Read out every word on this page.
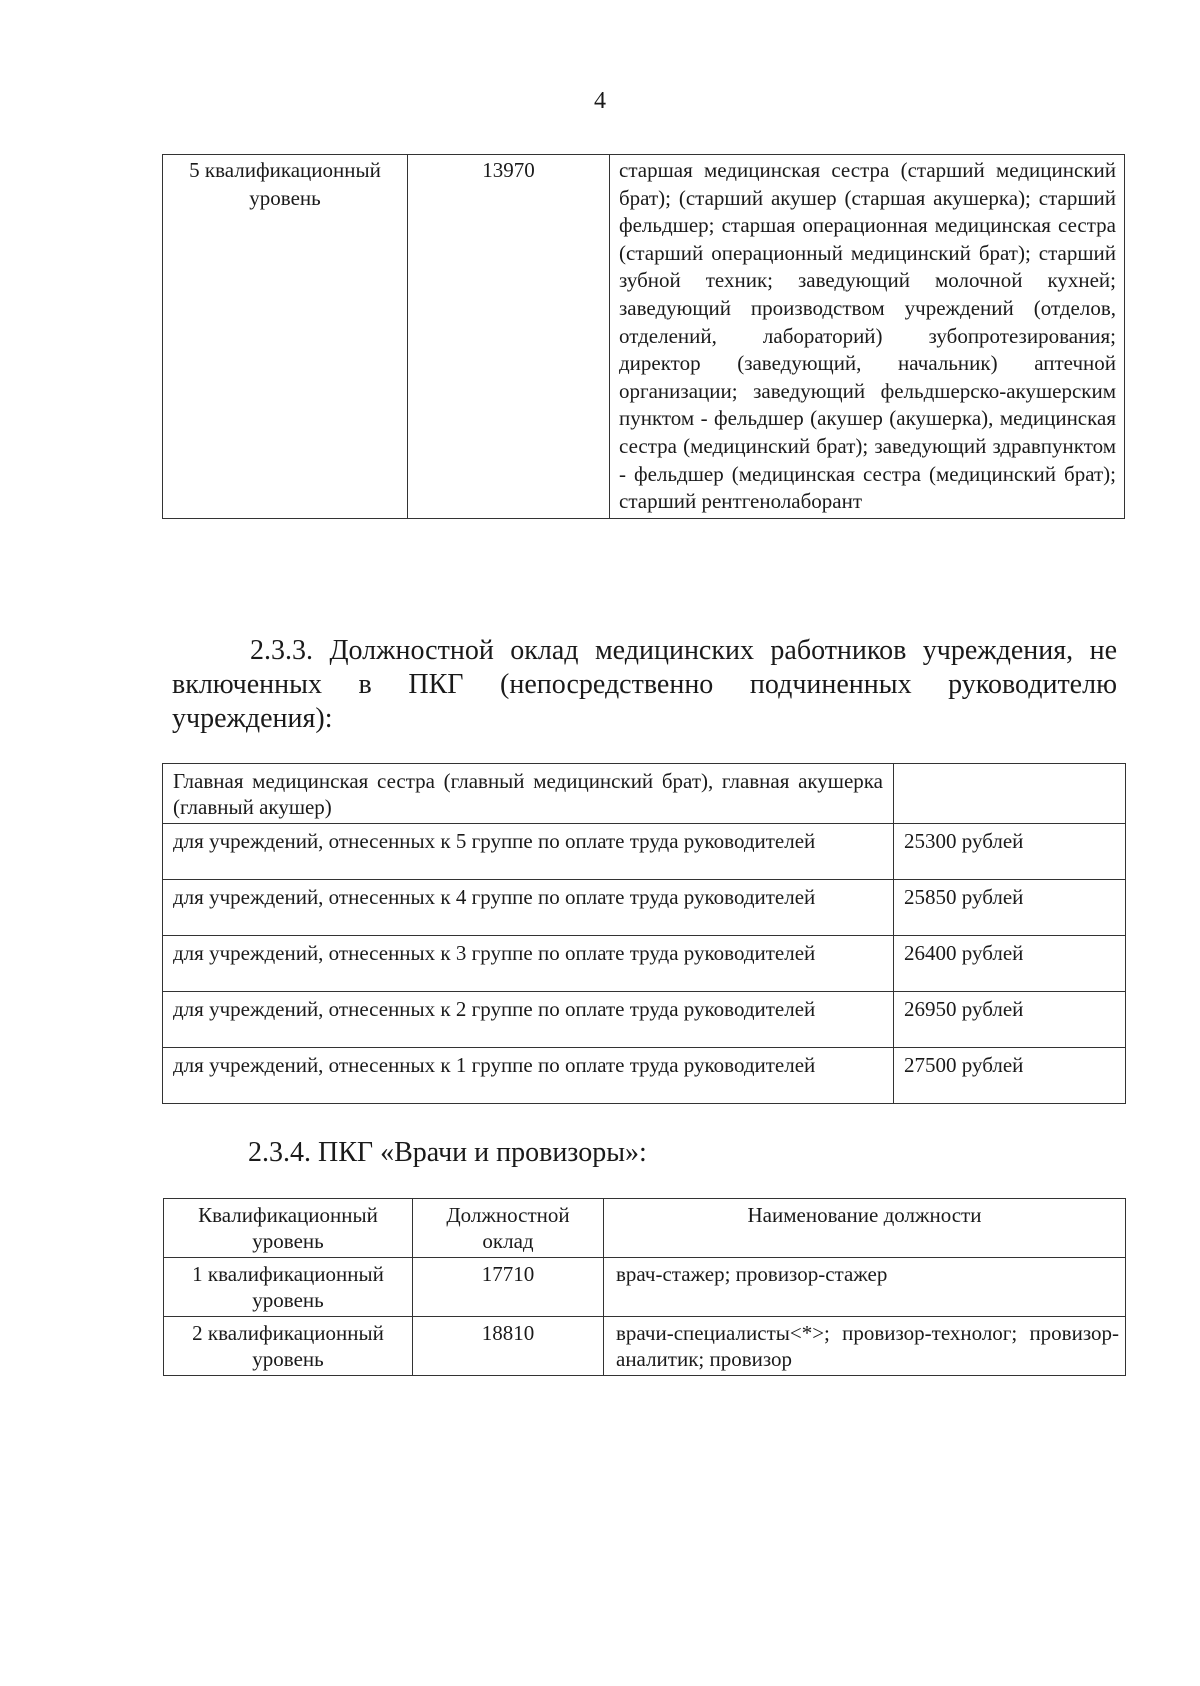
4
5 квалификационный уровень	13970	старшая медицинская сестра (старший медицинский брат); (старший акушер (старшая акушерка); старший фельдшер; старшая операционная медицинская сестра (старший операционный медицинский брат); старший зубной техник; заведующий молочной кухней; заведующий производством учреждений (отделов, отделений, лабораторий) зубопротезирования; директор (заведующий, начальник) аптечной организации; заведующий фельдшерско-акушерским пунктом - фельдшер (акушер (акушерка), медицинская сестра (медицинский брат); заведующий здравпунктом - фельдшер (медицинская сестра (медицинский брат); старший рентгенолаборант

2.3.3. Должностной оклад медицинских работников учреждения, не включенных в ПКГ (непосредственно подчиненных руководителю учреждения):

Главная медицинская сестра (главный медицинский брат), главная акушерка (главный акушер)	
для учреждений, отнесенных к 5 группе по оплате труда руководителей	25300 рублей
для учреждений, отнесенных к 4 группе по оплате труда руководителей	25850 рублей
для учреждений, отнесенных к 3 группе по оплате труда руководителей	26400 рублей
для учреждений, отнесенных к 2 группе по оплате труда руководителей	26950 рублей
для учреждений, отнесенных к 1 группе по оплате труда руководителей	27500 рублей
2.3.4. ПКГ «Врачи и провизоры»:
Квалификационный уровень	Должностной оклад	Наименование должности
1 квалификационный уровень	17710	врач-стажер; провизор-стажер
2 квалификационный уровень	18810	врачи-специалисты<*>; провизор-технолог; провизор-аналитик; провизор
